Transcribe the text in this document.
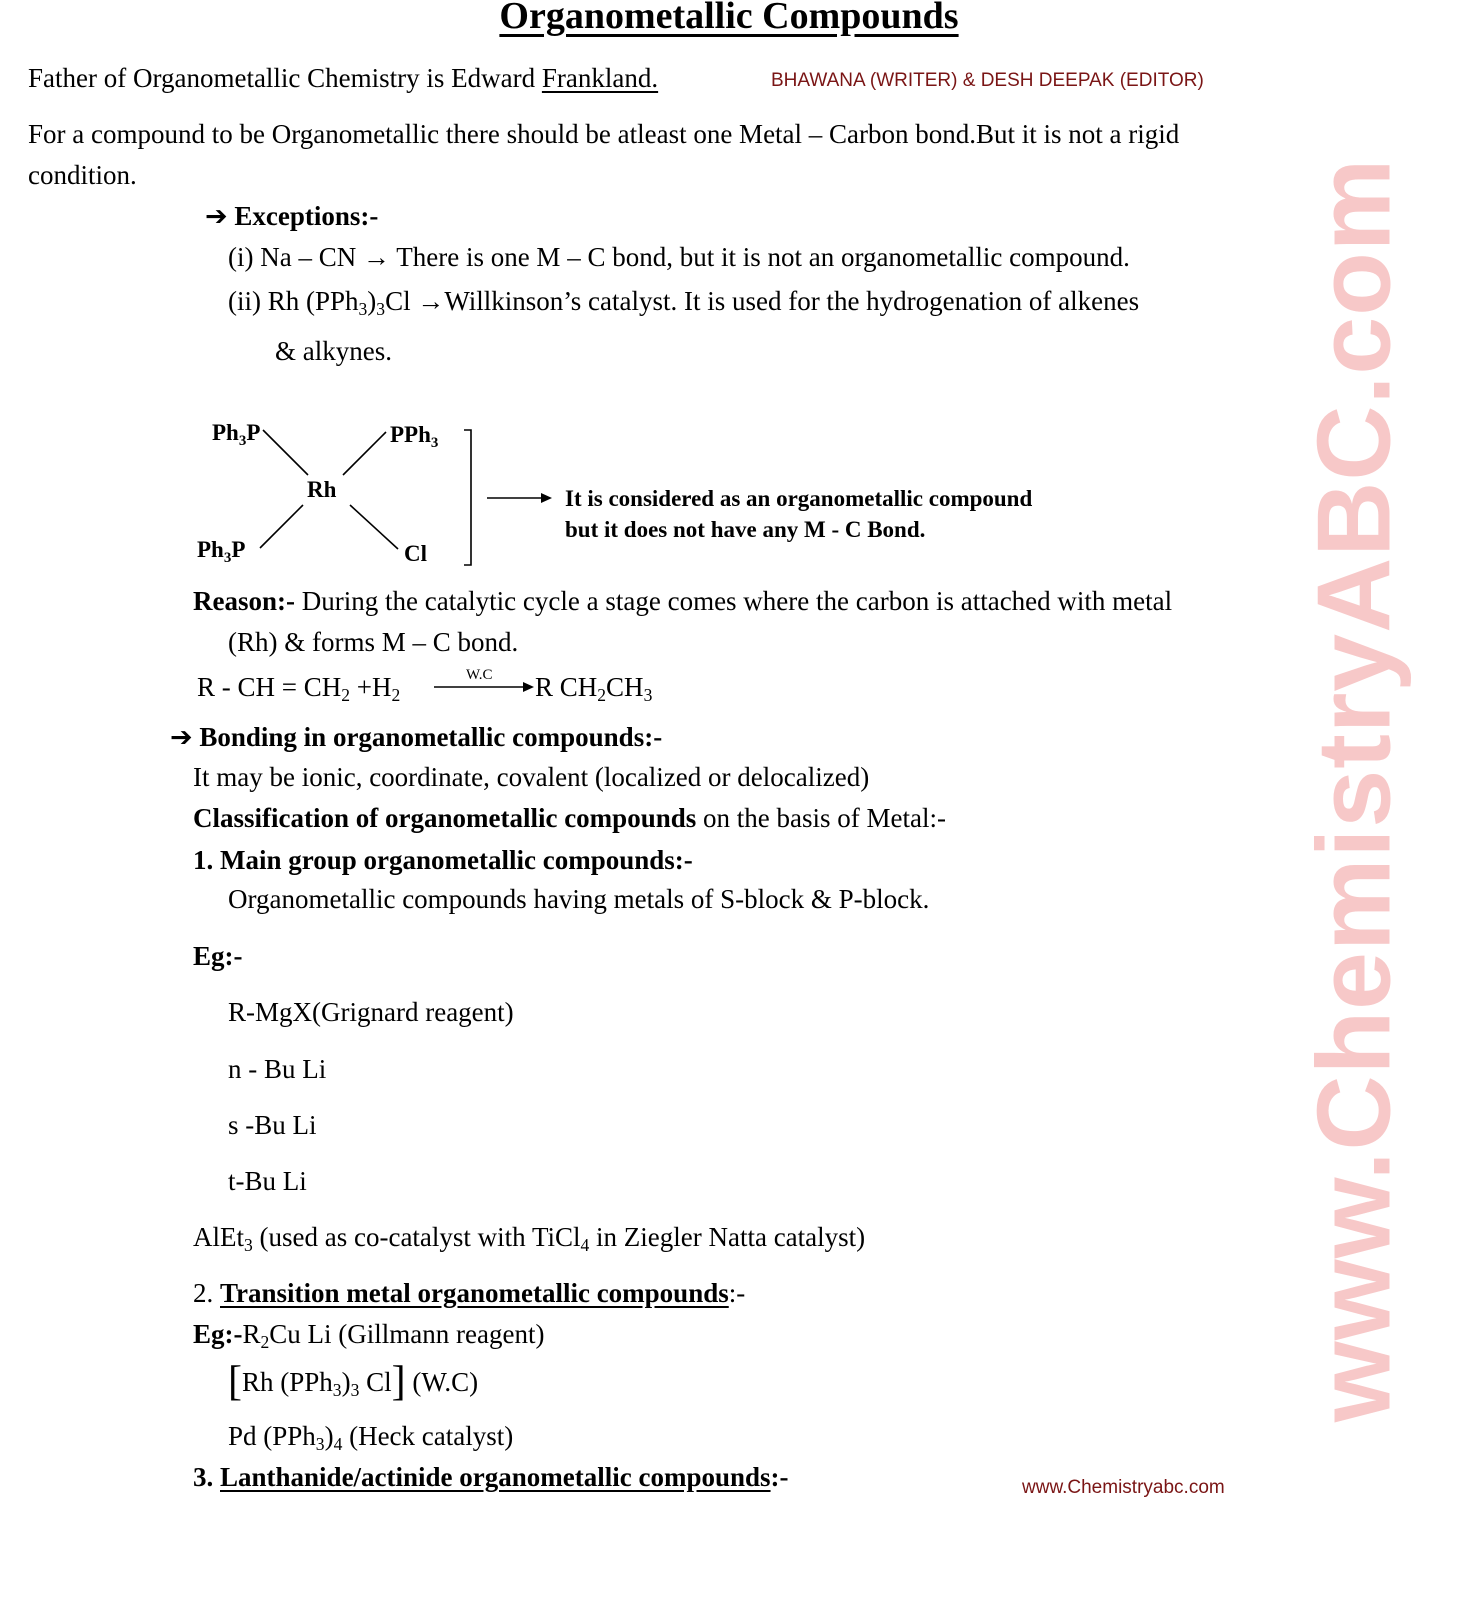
www.ChemistryABC.com
Organometallic Compounds
Father of Organometallic Chemistry is Edward Frankland.	BHAWANA (WRITER) & DESH DEEPAK (EDITOR)
For a compound to be Organometallic there should be atleast one Metal – Carbon bond.But it is not a rigid
condition.
➔ Exceptions:-
(i) Na – CN → There is one M – C bond, but it is not an organometallic compound.
(ii) Rh $(PPh_3)_3Cl$ →Willkinson’s catalyst. It is used for the hydrogenation of alkenes
& alkynes.
$Ph_3P$	PPh$_3$
Rh
$Ph_3P$	Cl
It is considered as an organometallic compound
but it does not have any M - C Bond.
Reason:- During the catalytic cycle a stage comes where the carbon is attached with metal
(Rh) & forms M – C bond.
R - CH = $CH_2 +H_2$
W.C R $CH_2CH_3$
➔ Bonding in organometallic compounds:-
It may be ionic, coordinate, covalent (localized or delocalized)
Classification of organometallic compounds on the basis of Metal:-
1. Main group organometallic compounds:-
Organometallic compounds having metals of S-block & P-block.
Eg:-
R-MgX(Grignard reagent)
n - Bu Li
s -Bu Li
t-Bu Li
AlEt$_3$ (used as co-catalyst with TiCl$_4$ in Ziegler Natta catalyst)
2. Transition metal organometallic compounds:-
$Eg:-R_2Cu$ Li (Gillmann reagent)
[Rh $(PPh_3)_3$ Cl] (W.C)
Pd $(PPh_3)_4$ (Heck catalyst)
3. Lanthanide/actinide organometallic compounds:-	www.Chemistryabc.com
